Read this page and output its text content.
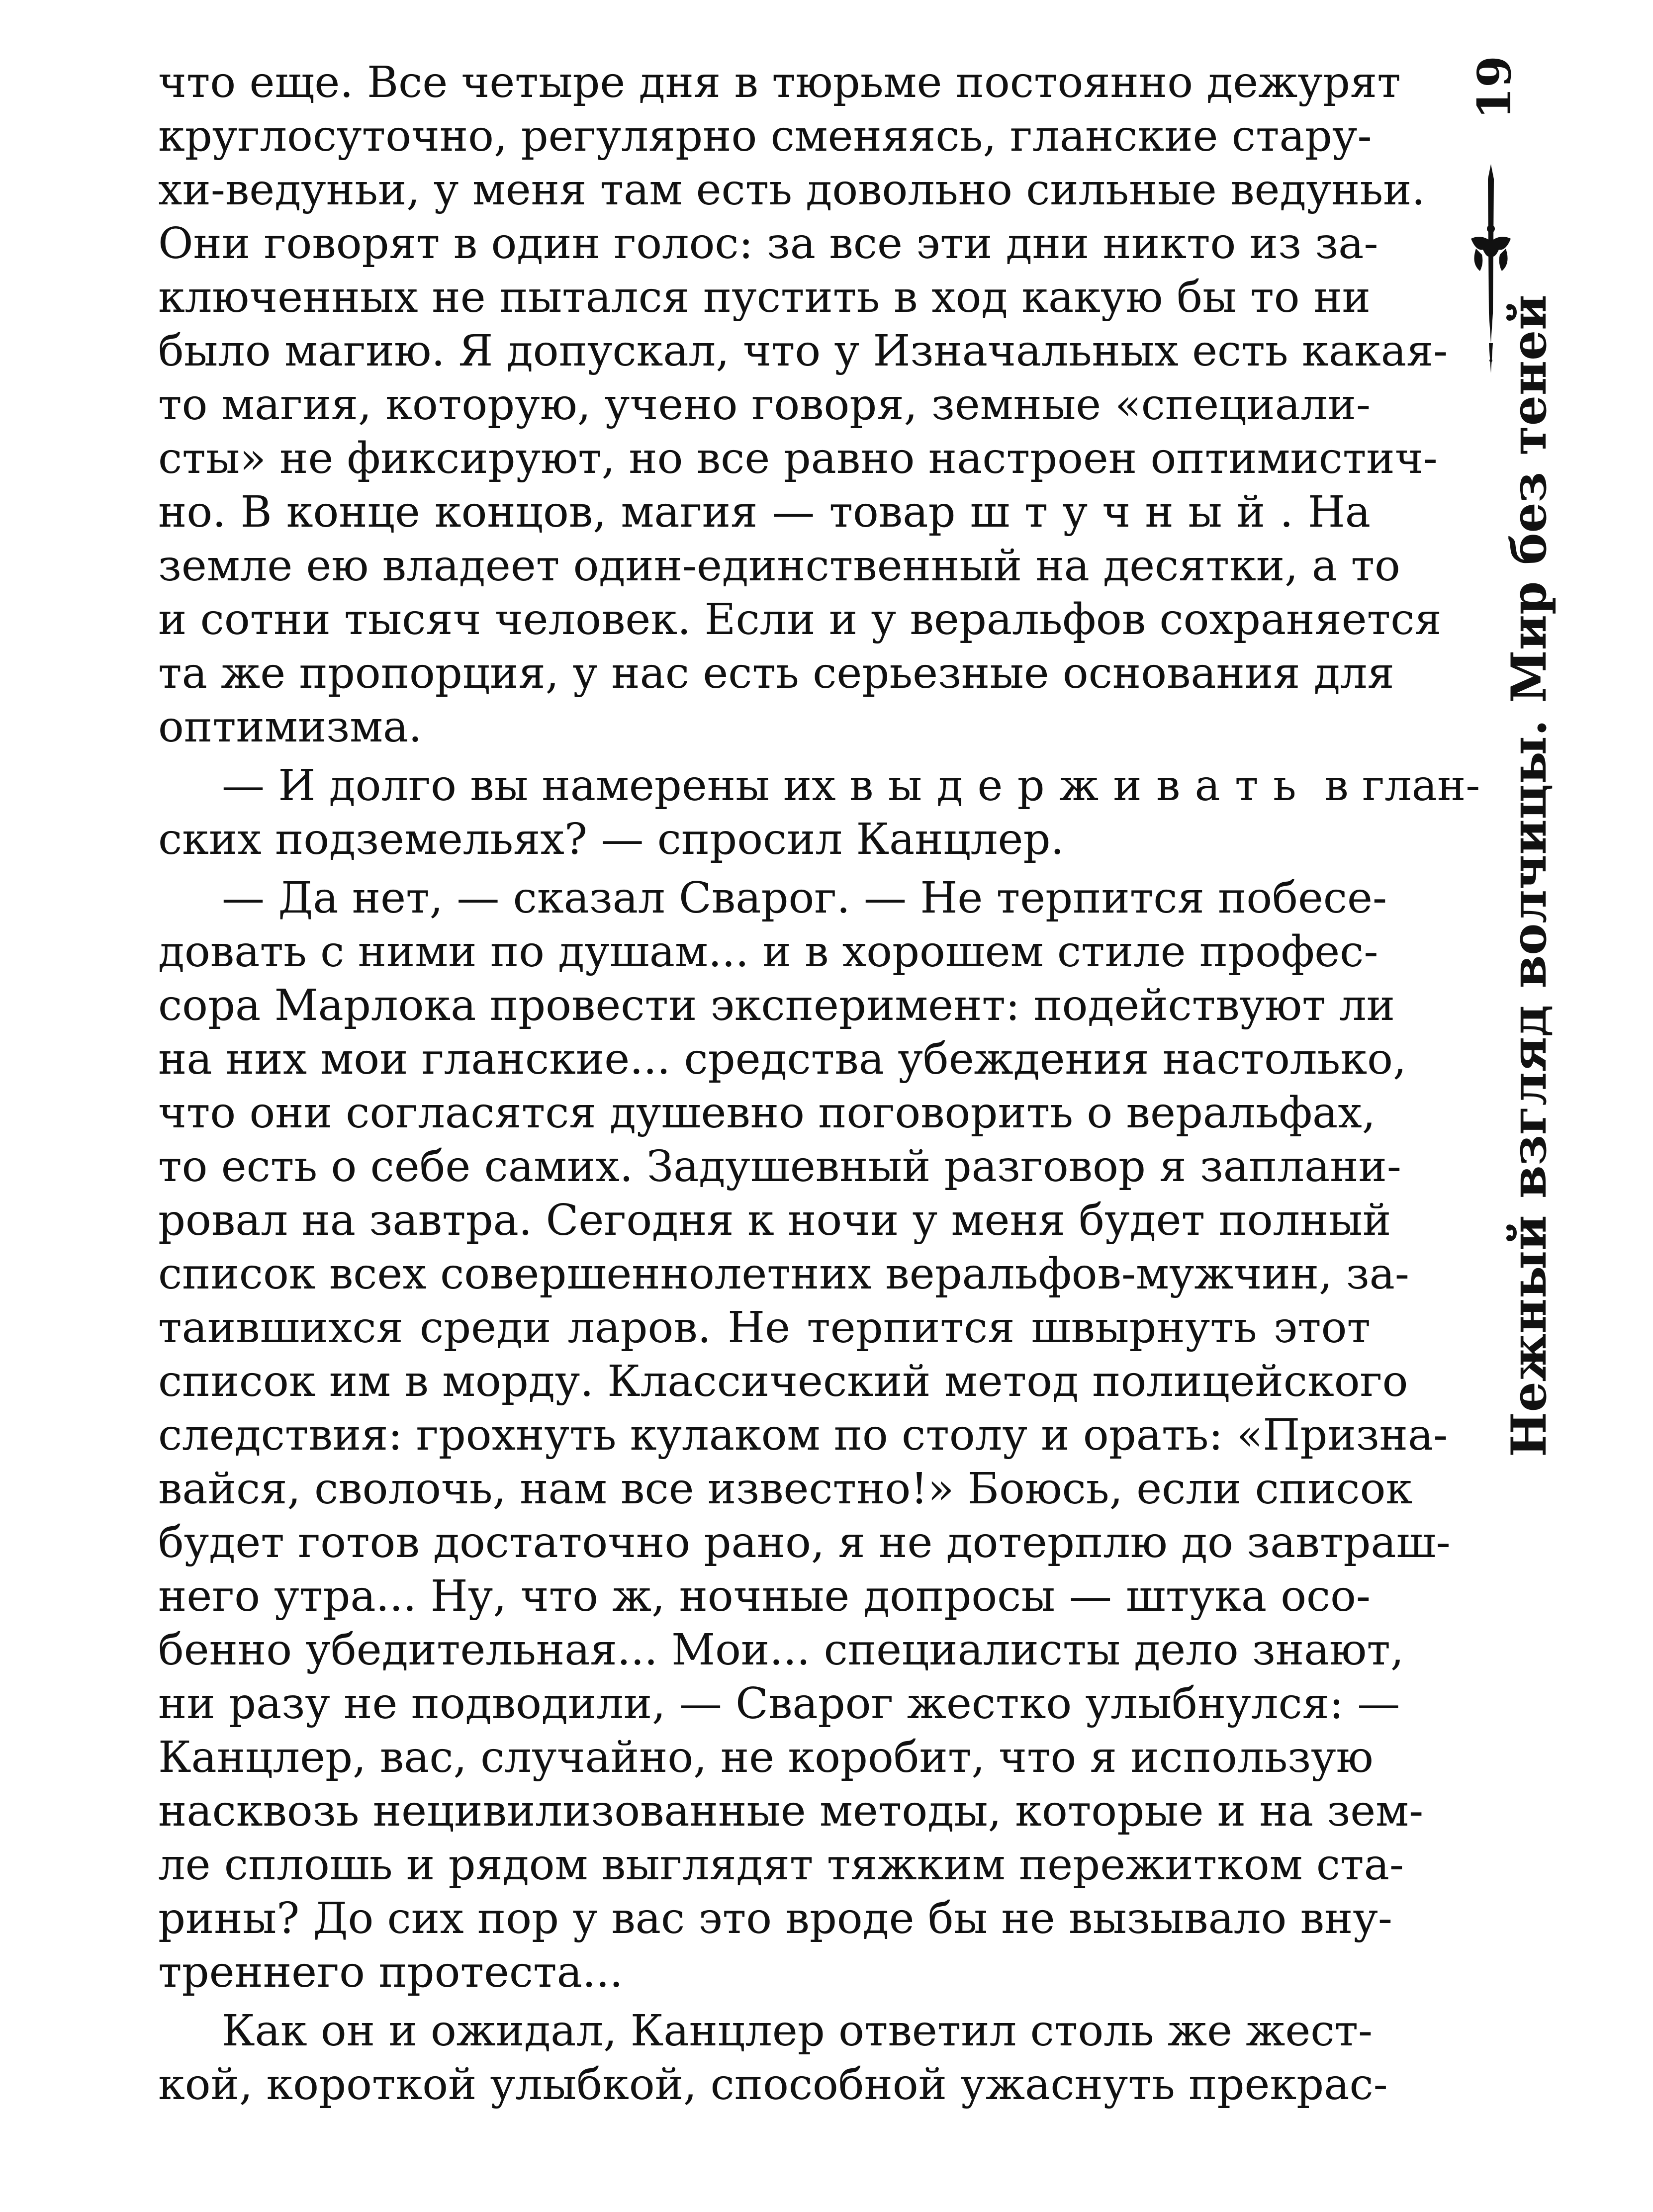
что еще. Все четыре дня в тюрьме постоянно дежурят
круглосуточно, регулярно сменяясь, гланские стару-
хи-ведуньи, у меня там есть довольно сильные ведуньи.
Они говорят в один голос: за все эти дни никто из за-
ключенных не пытался пустить в ход какую бы то ни
было магию. Я допускал, что у Изначальных есть какая-
то магия, которую, учено говоря, земные «специали-
сты» не фиксируют, но все равно настроен оптимистич-
но. В конце концов, магия — товар штучный. На
земле ею владеет один-единственный на десятки, а то
и сотни тысяч человек. Если и у веральфов сохраняется
та же пропорция, у нас есть серьезные основания для
оптимизма.
— И долго вы намерены их выдерживать в глан-
ских подземельях? — спросил Канцлер.
— Да нет, — сказал Сварог. — Не терпится побесе-
довать с ними по душам... и в хорошем стиле профес-
сора Марлока провести эксперимент: подействуют ли
на них мои гланские... средства убеждения настолько,
что они согласятся душевно поговорить о веральфах,
то есть о себе самих. Задушевный разговор я заплани-
ровал на завтра. Сегодня к ночи у меня будет полный
список всех совершеннолетних веральфов-мужчин, за-
таившихся среди ларов. Не терпится швырнуть этот
список им в морду. Классический метод полицейского
следствия: грохнуть кулаком по столу и орать: «Призна-
вайся, сволочь, нам все известно!» Боюсь, если список
будет готов достаточно рано, я не дотерплю до завтраш-
него утра... Ну, что ж, ночные допросы — штука осо-
бенно убедительная... Мои... специалисты дело знают,
ни разу не подводили, — Сварог жестко улыбнулся: —
Канцлер, вас, случайно, не коробит, что я использую
насквозь нецивилизованные методы, которые и на зем-
ле сплошь и рядом выглядят тяжким пережитком ста-
рины? До сих пор у вас это вроде бы не вызывало вну-
треннего протеста...
Как он и ожидал, Канцлер ответил столь же жест-
кой, короткой улыбкой, способной ужаснуть прекрас-
19
Нежный взгляд волчицы. Мир без теней
